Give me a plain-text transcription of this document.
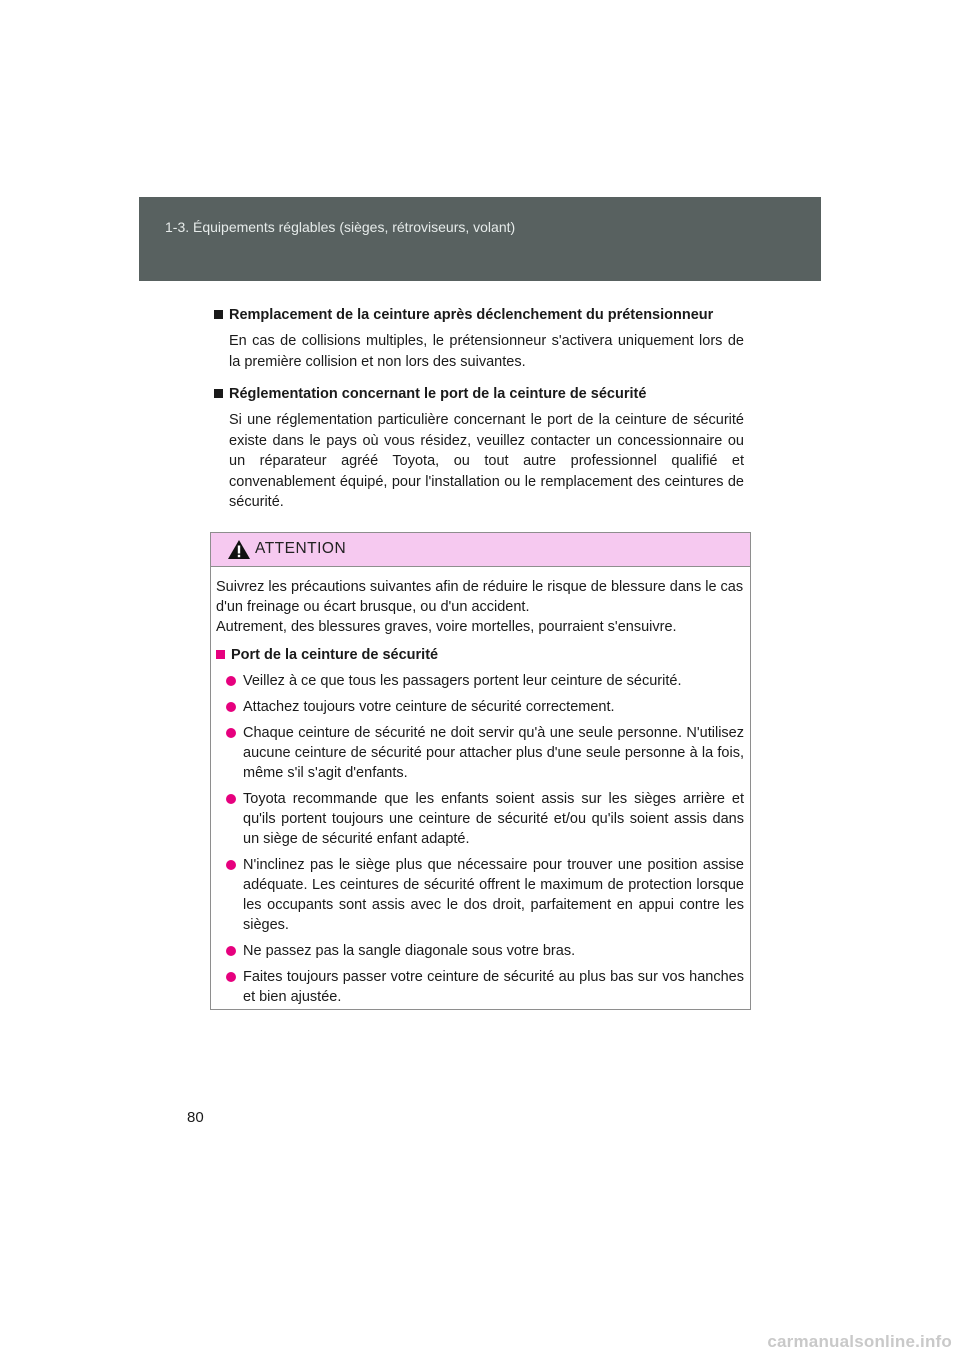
1-3. Équipements réglables (sièges, rétroviseurs, volant)
Remplacement de la ceinture après déclenchement du prétensionneur

En cas de collisions multiples, le prétensionneur s'activera uniquement lors de la première collision et non lors des suivantes.

Réglementation concernant le port de la ceinture de sécurité

Si une réglementation particulière concernant le port de la ceinture de sécurité existe dans le pays où vous résidez, veuillez contacter un concessionnaire ou un réparateur agréé Toyota, ou tout autre professionnel qualifié et convenablement équipé, pour l'installation ou le remplacement des ceintures de sécurité.

ATTENTION

Suivrez les précautions suivantes afin de réduire le risque de blessure dans le cas d'un freinage ou écart brusque, ou d'un accident.

Autrement, des blessures graves, voire mortelles, pourraient s'ensuivre.

Port de la ceinture de sécurité
Veillez à ce que tous les passagers portent leur ceinture de sécurité.
Attachez toujours votre ceinture de sécurité correctement.
Chaque ceinture de sécurité ne doit servir qu'à une seule personne. N'utilisez aucune ceinture de sécurité pour attacher plus d'une seule personne à la fois, même s'il s'agit d'enfants.
Toyota recommande que les enfants soient assis sur les sièges arrière et qu'ils portent toujours une ceinture de sécurité et/ou qu'ils soient assis dans un siège de sécurité enfant adapté.
N'inclinez pas le siège plus que nécessaire pour trouver une position assise adéquate. Les ceintures de sécurité offrent le maximum de protection lorsque les occupants sont assis avec le dos droit, parfaitement en appui contre les sièges.
Ne passez pas la sangle diagonale sous votre bras.
Faites toujours passer votre ceinture de sécurité au plus bas sur vos hanches et bien ajustée.
80
carmanualsonline.info
